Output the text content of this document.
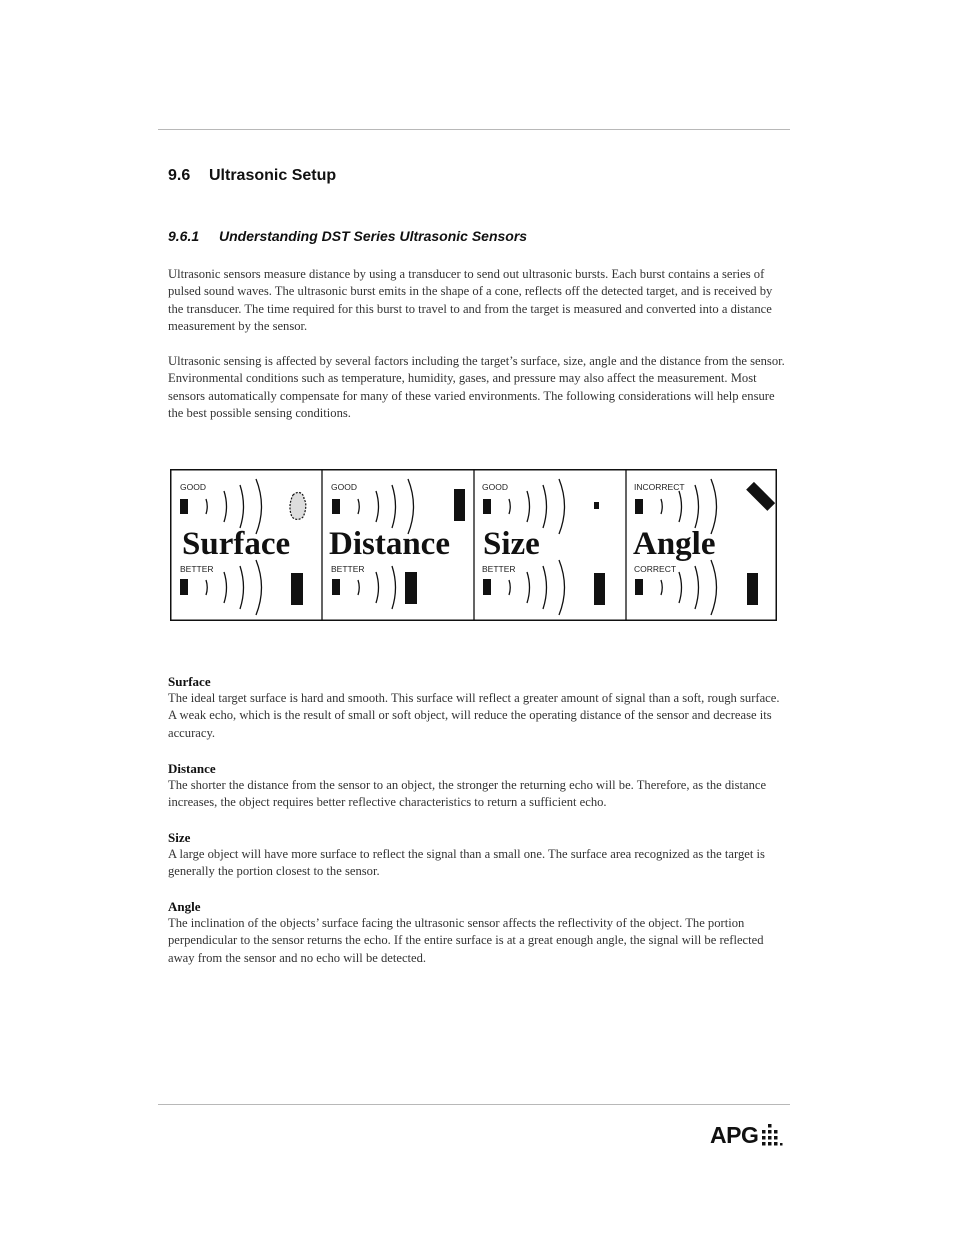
9.6 Ultrasonic Setup
9.6.1 Understanding DST Series Ultrasonic Sensors

Ultrasonic sensors measure distance by using a transducer to send out ultrasonic bursts. Each burst contains a series of pulsed sound waves. The ultrasonic burst emits in the shape of a cone, reflects off the detected target, and is received by the transducer. The time required for this burst to travel to and from the target is measured and converted into a distance measurement by the sensor.

Ultrasonic sensing is affected by several factors including the target’s surface, size, angle and the distance from the sensor. Environmental conditions such as temperature, humidity, gases, and pressure may also affect the measurement. Most sensors automatically compensate for many of these varied environments. The following considerations will help ensure the best possible sensing conditions.

GOOD
Surface
BETTER
GOOD
Distance
BETTER
GOOD
Size
BETTER
INCORRECT
Angle
CORRECT
Surface

The ideal target surface is hard and smooth. This surface will reflect a greater amount of signal than a soft, rough surface. A weak echo, which is the result of small or soft object, will reduce the operating distance of the sensor and decrease its accuracy.

Distance

The shorter the distance from the sensor to an object, the stronger the returning echo will be. Therefore, as the distance increases, the object requires better reflective characteristics to return a sufficient echo.

Size

A large object will have more surface to reflect the signal than a small one. The surface area recognized as the target is generally the portion closest to the sensor.

Angle

The inclination of the objects’ surface facing the ultrasonic sensor affects the reflectivity of the object. The portion perpendicular to the sensor returns the echo. If the entire surface is at a great enough angle, the signal will be reflected away from the sensor and no echo will be detected.

APG
